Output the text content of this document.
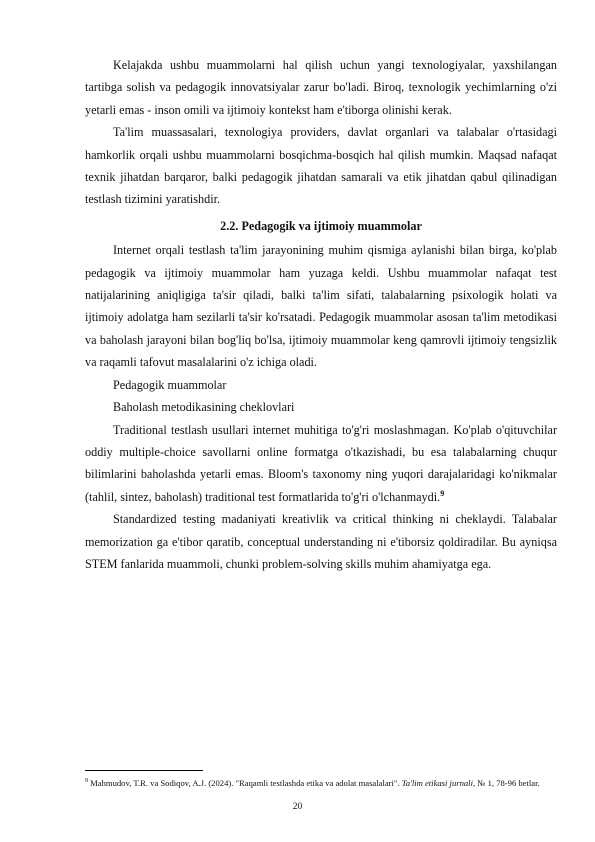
Kelajakda ushbu muammolarni hal qilish uchun yangi texnologiyalar, yaxshilangan tartibga solish va pedagogik innovatsiyalar zarur bo'ladi. Biroq, texnologik yechimlarning o'zi yetarli emas - inson omili va ijtimoiy kontekst ham e'tiborga olinishi kerak.

Ta'lim muassasalari, texnologiya providers, davlat organlari va talabalar o'rtasidagi hamkorlik orqali ushbu muammolarni bosqichma-bosqich hal qilish mumkin. Maqsad nafaqat texnik jihatdan barqaror, balki pedagogik jihatdan samarali va etik jihatdan qabul qilinadigan testlash tizimini yaratishdir.

2.2. Pedagogik va ijtimoiy muammolar

Internet orqali testlash ta'lim jarayonining muhim qismiga aylanishi bilan birga, ko'plab pedagogik va ijtimoiy muammolar ham yuzaga keldi. Ushbu muammolar nafaqat test natijalarining aniqligiga ta'sir qiladi, balki ta'lim sifati, talabalarning psixologik holati va ijtimoiy adolatga ham sezilarli ta'sir ko'rsatadi. Pedagogik muammolar asosan ta'lim metodikasi va baholash jarayoni bilan bog'liq bo'lsa, ijtimoiy muammolar keng qamrovli ijtimoiy tengsizlik va raqamli tafovut masalalarini o'z ichiga oladi.

Pedagogik muammolar

Baholash metodikasining cheklovlari

Traditional testlash usullari internet muhitiga to'g'ri moslashmagan. Ko'plab o'qituvchilar oddiy multiple-choice savollarni online formatga o'tkazishadi, bu esa talabalarning chuqur bilimlarini baholashda yetarli emas. Bloom's taxonomy ning yuqori darajalaridagi ko'nikmalar (tahlil, sintez, baholash) traditional test formatlarida to'g'ri o'lchanmaydi.$^9$

Standardized testing madaniyati kreativlik va critical thinking ni cheklaydi. Talabalar memorization ga e'tibor qaratib, conceptual understanding ni e'tiborsiz qoldiradilar. Bu ayniqsa STEM fanlarida muammoli, chunki problem-solving skills muhim ahamiyatga ega.

$^9$ Mahmudov, T.R. va Sodiqov, A.J. (2024). "Raqamli testlashda etika va adolat masalalari". Ta'lim etikasi jurnali, № 1, 78-96 betlar.

20
